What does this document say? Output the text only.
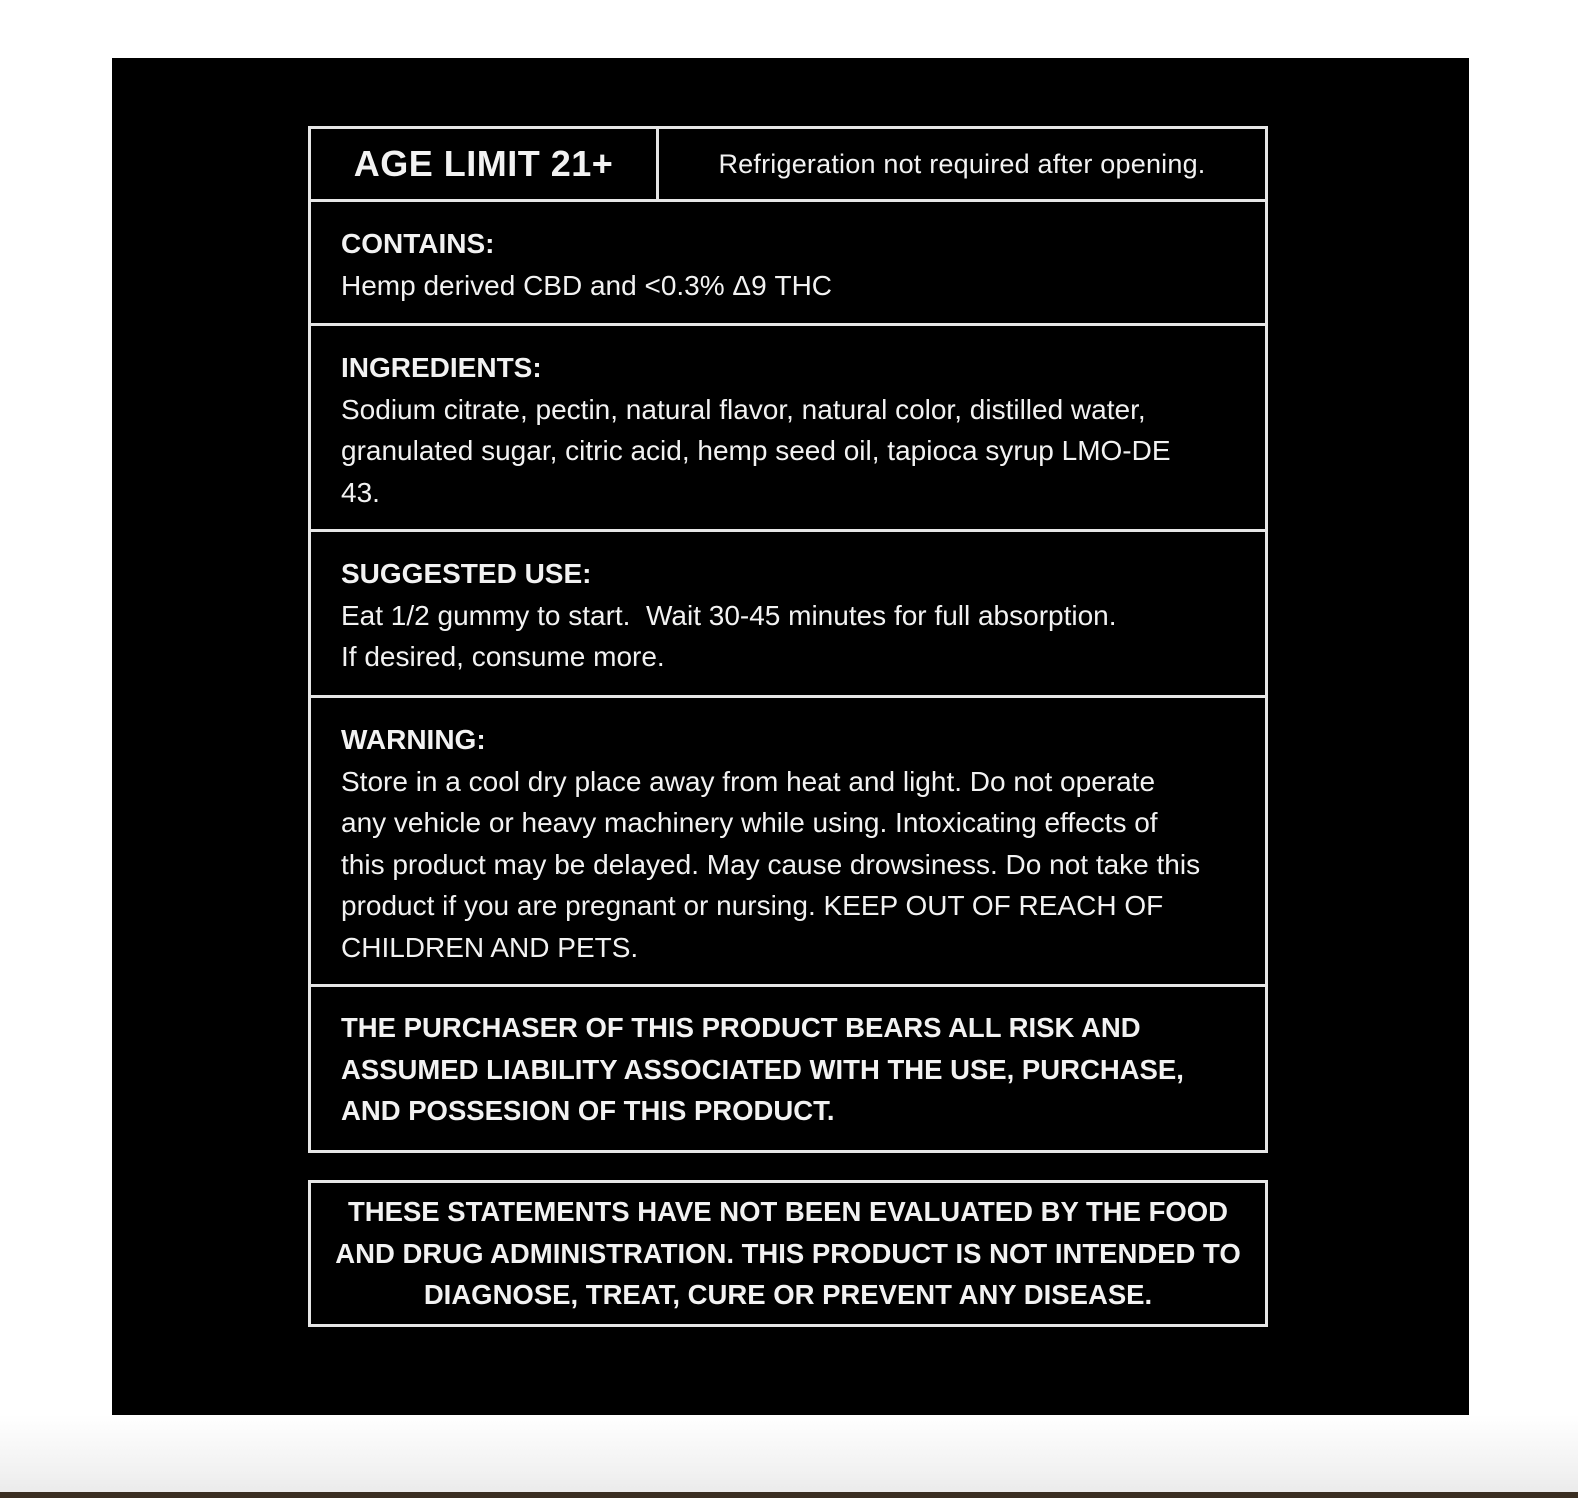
AGE LIMIT 21+	Refrigeration not required after opening.
CONTAINS:
Hemp derived CBD and <0.3% Δ9 THC
INGREDIENTS:
Sodium citrate, pectin, natural flavor, natural color, distilled water, granulated sugar, citric acid, hemp seed oil, tapioca syrup LMO-DE 43.
SUGGESTED USE:
Eat 1/2 gummy to start.  Wait 30-45 minutes for full absorption.
If desired, consume more.
WARNING:
Store in a cool dry place away from heat and light. Do not operate any vehicle or heavy machinery while using. Intoxicating effects of this product may be delayed. May cause drowsiness. Do not take this product if you are pregnant or nursing. KEEP OUT OF REACH OF CHILDREN AND PETS.
THE PURCHASER OF THIS PRODUCT BEARS ALL RISK AND ASSUMED LIABILITY ASSOCIATED WITH THE USE, PURCHASE, AND POSSESION OF THIS PRODUCT.
THESE STATEMENTS HAVE NOT BEEN EVALUATED BY THE FOOD AND DRUG ADMINISTRATION. THIS PRODUCT IS NOT INTENDED TO DIAGNOSE, TREAT, CURE OR PREVENT ANY DISEASE.
